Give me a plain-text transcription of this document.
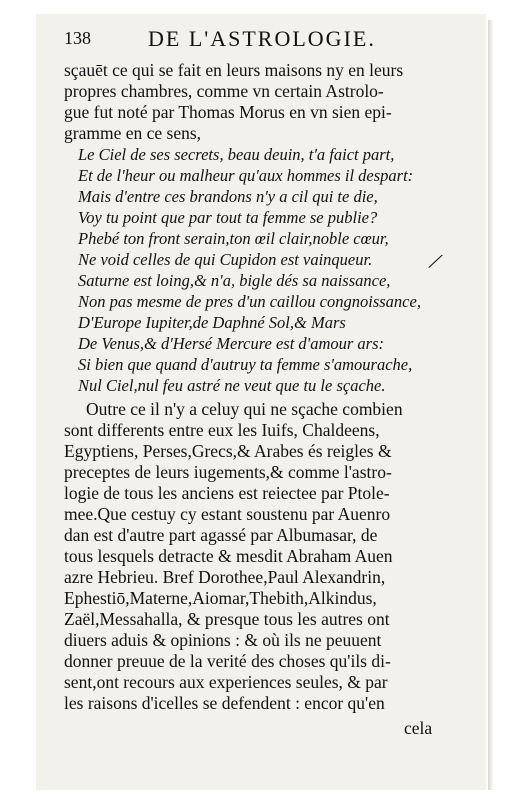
138	DE L'ASTROLOGIE.
sçauēt ce qui se fait en leurs maisons ny en leurs
propres chambres, comme vn certain Astrolo-
gue fut noté par Thomas Morus en vn sien epi-
gramme en ce sens,
Le Ciel de ses secrets, beau deuin, t'a faict part,
Et de l'heur ou malheur qu'aux hommes il despart:
Mais d'entre ces brandons n'y a cil qui te die,
Voy tu point que par tout ta femme se publie?
Phebé ton front serain,ton œil clair,noble cœur,
Ne void celles de qui Cupidon est vainqueur.
Saturne est loing,& n'a, bigle dés sa naissance,
Non pas mesme de pres d'un caillou congnoissance,
D'Europe Iupiter,de Daphné Sol,& Mars
De Venus,& d'Hersé Mercure est d'amour ars:
Si bien que quand d'autruy ta femme s'amourache,
Nul Ciel,nul feu astré ne veut que tu le sçache.
Outre ce il n'y a celuy qui ne sçache combien
sont differents entre eux les Iuifs, Chaldeens,
Egyptiens, Perses,Grecs,& Arabes és reigles &
preceptes de leurs iugements,& comme l'astro-
logie de tous les anciens est reiectee par Ptole-
mee.Que cestuy cy estant soustenu par Auenro
dan est d'autre part agassé par Albumasar, de
tous lesquels detracte & mesdit Abraham Auen
azre Hebrieu. Bref Dorothee,Paul Alexandrin,
Ephestiō,Materne,Aiomar,Thebith,Alkindus,
Zaël,Messahalla, & presque tous les autres ont
diuers aduis & opinions : & où ils ne peuuent
donner preuue de la verité des choses qu'ils di-
sent,ont recours aux experiences seules, & par
les raisons d'icelles se defendent : encor qu'en
cela
╱
